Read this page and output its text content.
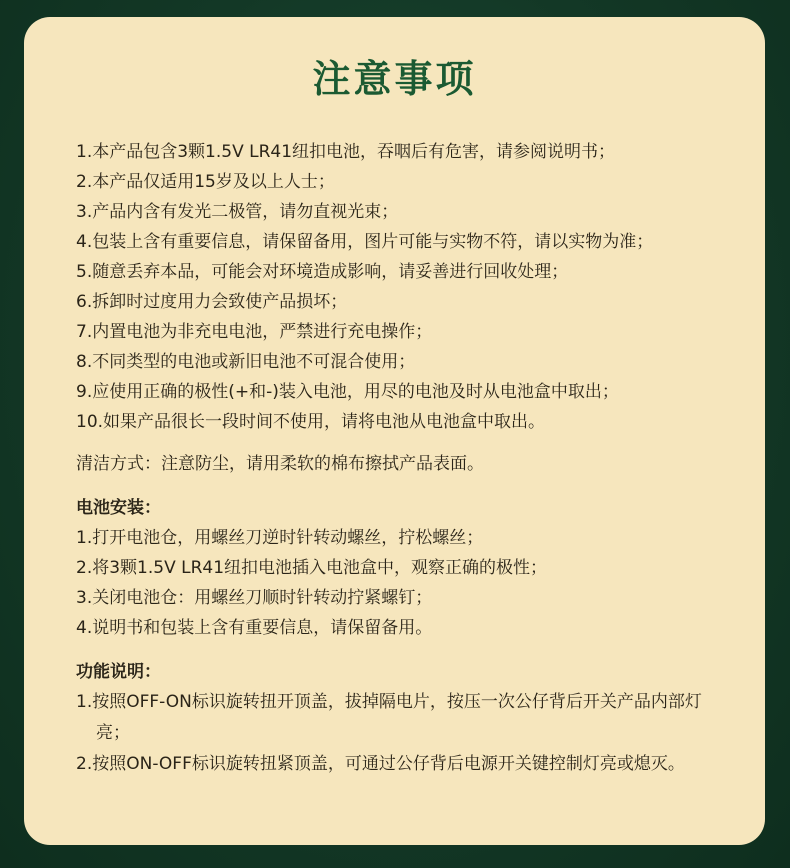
注意事项

1.本产品包含3颗1.5V LR41纽扣电池，吞咽后有危害，请参阅说明书；

2.本产品仅适用15岁及以上人士；

3.产品内含有发光二极管，请勿直视光束；

4.包装上含有重要信息，请保留备用，图片可能与实物不符，请以实物为准；

5.随意丢弃本品，可能会对环境造成影响，请妥善进行回收处理；

6.拆卸时过度用力会致使产品损坏；

7.内置电池为非充电电池，严禁进行充电操作；

8.不同类型的电池或新旧电池不可混合使用；

9.应使用正确的极性(+和-)装入电池，用尽的电池及时从电池盒中取出；

10.如果产品很长一段时间不使用，请将电池从电池盒中取出。

清洁方式：注意防尘，请用柔软的棉布擦拭产品表面。

电池安装：

1.打开电池仓，用螺丝刀逆时针转动螺丝，拧松螺丝；

2.将3颗1.5V LR41纽扣电池插入电池盒中，观察正确的极性；

3.关闭电池仓：用螺丝刀顺时针转动拧紧螺钉；

4.说明书和包装上含有重要信息，请保留备用。

功能说明：

1.按照OFF-ON标识旋转扭开顶盖，拔掉隔电片，按压一次公仔背后开关产品内部灯亮；

2.按照ON-OFF标识旋转扭紧顶盖，可通过公仔背后电源开关键控制灯亮或熄灭。
